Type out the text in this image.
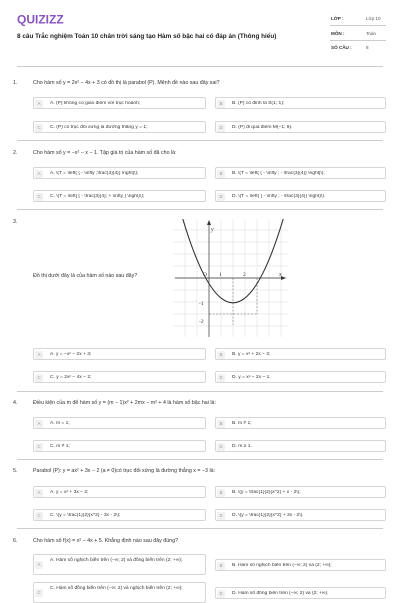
QUIZIZZ
8 câu Trắc nghiệm Toán 10 chân trời sáng tạo Hàm số bậc hai có đáp án (Thông hiểu)
LỚP :	Lớp 10
MÔN :	Toán
SỐ CÂU :	8
1.	Cho hàm số y = 2x² − 4x + 3 có đồ thị là parabol (P). Mệnh đề nào sau đây sai?
A	A. (P) không có giao điểm với trục hoành;	B	B. (P) có đỉnh là S(1; 1);
C	C. (P) có trục đối xứng là đường thẳng y = 1;	D	D. (P) đi qua điểm M(−1; 9).
2.	Cho hàm số y = −x² − x − 1. Tập giá trị của hàm số đã cho là:
A	A. \(T = \left( { - \infty ;\frac{3}{4}} \right]\);	B	B. \(T = \left( { - \infty ; - \frac{3}{4}} \right]\);
C	C. \(T = \left[ { - \frac{3}{4}; + \infty } \right)\);	D	D. \(T = \left( { - \infty ; - \frac{3}{4}} \right)\).
3.
Đồ thị dưới đây là của hàm số nào sau đây?
y
x
O 1	2
-1
-2
A	A. y = −x² − 2x + 3;	B	B. y = x² + 2x − 2;
C	C. y = 2x² − 4x − 2;	D	D. y = x² − 2x − 1.
4.	Điều kiện của m để hàm số y = (m − 1)x² + 2mx − m² + 4 là hàm số bậc hai là:
A	A. m = 1;	B	B. m ≠ 1;
C	C. m ≠ 1;	D	D. m ≥ 1.
5.	Parabol (P): y = ax² + 3x − 2 (a ≠ 0)có trục đối xứng là đường thẳng x = −3 là:
A	A. y = x² + 3x − 2;	B	B. \(y = \frac{1}{2}{x^2} + x - 2\);
C	C. \(y = \frac{1}{2}{x^2} - 3x - 2\);	D	D. \(y = \frac{1}{2}{x^2} + 3x - 2\).
6.	Cho hàm số f(x) = x² − 4x + 5. Khẳng định nào sau đây đúng?
A
A. Hàm số nghịch biến trên (−∞; 2) và đồng biến trên (2; +∞);
B	B. Hàm số nghịch biến trên (−∞; 2) và (2; +∞);
C
C. Hàm số đồng biến trên (−∞; 2) và nghịch biến trên (2; +∞);
D	D. Hàm số đồng biến trên (−∞; 2) và (2; +∞).
